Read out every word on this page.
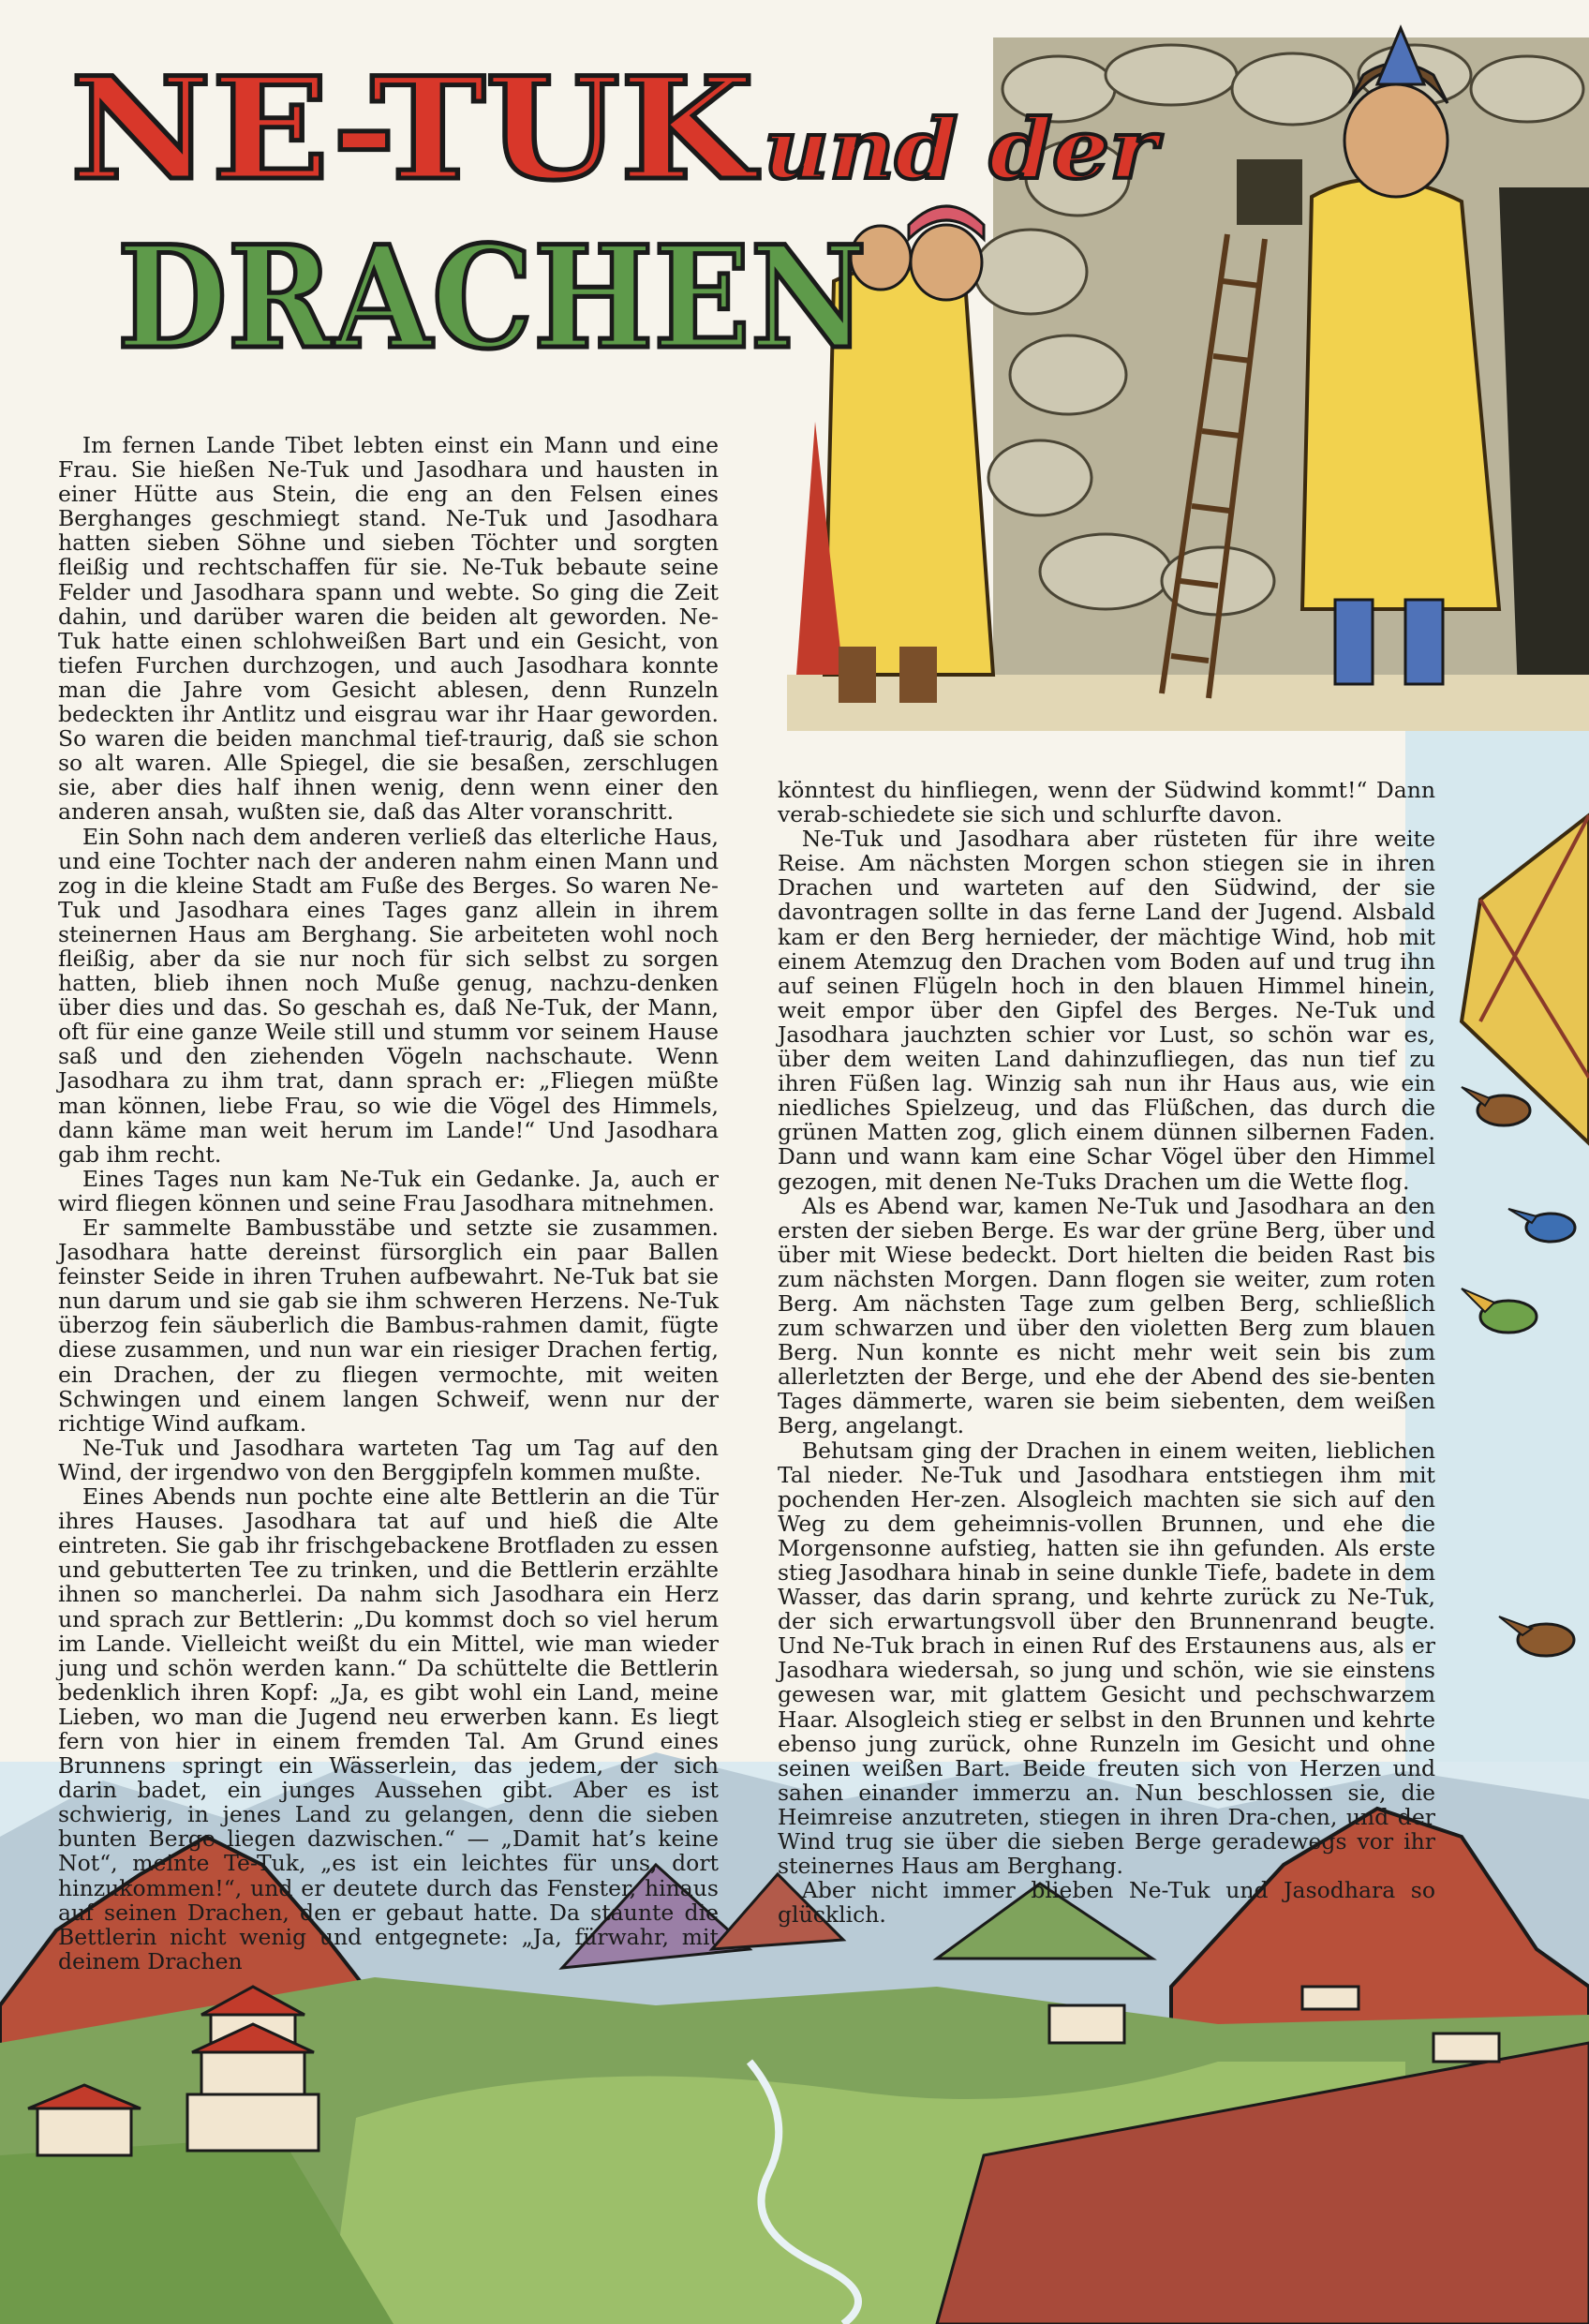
NE-TUK und der
DRACHEN

Im fernen Lande Tibet lebten einst ein Mann und eine Frau. Sie hießen Ne-Tuk und Jasodhara und hausten in einer Hütte aus Stein, die eng an den Felsen eines Berghanges geschmiegt stand. Ne-Tuk und Jasodhara hatten sieben Söhne und sieben Töchter und sorgten fleißig und rechtschaffen für sie. Ne-Tuk bebaute seine Felder und Jasodhara spann und webte. So ging die Zeit dahin, und darüber waren die beiden alt geworden. Ne-Tuk hatte einen schlohweißen Bart und ein Gesicht, von tiefen Furchen durchzogen, und auch Jasodhara konnte man die Jahre vom Gesicht ablesen, denn Runzeln bedeckten ihr Antlitz und eisgrau war ihr Haar geworden. So waren die beiden manchmal tief-traurig, daß sie schon so alt waren. Alle Spiegel, die sie besaßen, zerschlugen sie, aber dies half ihnen wenig, denn wenn einer den anderen ansah, wußten sie, daß das Alter voranschritt.

Ein Sohn nach dem anderen verließ das elterliche Haus, und eine Tochter nach der anderen nahm einen Mann und zog in die kleine Stadt am Fuße des Berges. So waren Ne-Tuk und Jasodhara eines Tages ganz allein in ihrem steinernen Haus am Berghang. Sie arbeiteten wohl noch fleißig, aber da sie nur noch für sich selbst zu sorgen hatten, blieb ihnen noch Muße genug, nachzu-denken über dies und das. So geschah es, daß Ne-Tuk, der Mann, oft für eine ganze Weile still und stumm vor seinem Hause saß und den ziehenden Vögeln nachschaute. Wenn Jasodhara zu ihm trat, dann sprach er: „Fliegen müßte man können, liebe Frau, so wie die Vögel des Himmels, dann käme man weit herum im Lande!“ Und Jasodhara gab ihm recht.

Eines Tages nun kam Ne-Tuk ein Gedanke. Ja, auch er wird fliegen können und seine Frau Jasodhara mitnehmen.

Er sammelte Bambusstäbe und setzte sie zusammen. Jasodhara hatte dereinst fürsorglich ein paar Ballen feinster Seide in ihren Truhen aufbewahrt. Ne-Tuk bat sie nun darum und sie gab sie ihm schweren Herzens. Ne-Tuk überzog fein säuberlich die Bambus-rahmen damit, fügte diese zusammen, und nun war ein riesiger Drachen fertig, ein Drachen, der zu fliegen vermochte, mit weiten Schwingen und einem langen Schweif, wenn nur der richtige Wind aufkam.

Ne-Tuk und Jasodhara warteten Tag um Tag auf den Wind, der irgendwo von den Berggipfeln kommen mußte.

Eines Abends nun pochte eine alte Bettlerin an die Tür ihres Hauses. Jasodhara tat auf und hieß die Alte eintreten. Sie gab ihr frischgebackene Brotfladen zu essen und gebutterten Tee zu trinken, und die Bettlerin erzählte ihnen so mancherlei. Da nahm sich Jasodhara ein Herz und sprach zur Bettlerin: „Du kommst doch so viel herum im Lande. Vielleicht weißt du ein Mittel, wie man wieder jung und schön werden kann.“ Da schüttelte die Bettlerin bedenklich ihren Kopf: „Ja, es gibt wohl ein Land, meine Lieben, wo man die Jugend neu erwerben kann. Es liegt fern von hier in einem fremden Tal. Am Grund eines Brunnens springt ein Wässerlein, das jedem, der sich darin badet, ein junges Aussehen gibt. Aber es ist schwierig, in jenes Land zu gelangen, denn die sieben bunten Berge liegen dazwischen.“ — „Damit hat’s keine Not“, meinte Te-Tuk, „es ist ein leichtes für uns, dort hinzukommen!“, und er deutete durch das Fenster, hinaus auf seinen Drachen, den er gebaut hatte. Da staunte die Bettlerin nicht wenig und entgegnete: „Ja, fürwahr, mit deinem Drachen

könntest du hinfliegen, wenn der Südwind kommt!“ Dann verab-schiedete sie sich und schlurfte davon.

Ne-Tuk und Jasodhara aber rüsteten für ihre weite Reise. Am nächsten Morgen schon stiegen sie in ihren Drachen und warteten auf den Südwind, der sie davontragen sollte in das ferne Land der Jugend. Alsbald kam er den Berg hernieder, der mächtige Wind, hob mit einem Atemzug den Drachen vom Boden auf und trug ihn auf seinen Flügeln hoch in den blauen Himmel hinein, weit empor über den Gipfel des Berges. Ne-Tuk und Jasodhara jauchzten schier vor Lust, so schön war es, über dem weiten Land dahinzufliegen, das nun tief zu ihren Füßen lag. Winzig sah nun ihr Haus aus, wie ein niedliches Spielzeug, und das Flüßchen, das durch die grünen Matten zog, glich einem dünnen silbernen Faden. Dann und wann kam eine Schar Vögel über den Himmel gezogen, mit denen Ne-Tuks Drachen um die Wette flog.

Als es Abend war, kamen Ne-Tuk und Jasodhara an den ersten der sieben Berge. Es war der grüne Berg, über und über mit Wiese bedeckt. Dort hielten die beiden Rast bis zum nächsten Morgen. Dann flogen sie weiter, zum roten Berg. Am nächsten Tage zum gelben Berg, schließlich zum schwarzen und über den violetten Berg zum blauen Berg. Nun konnte es nicht mehr weit sein bis zum allerletzten der Berge, und ehe der Abend des sie-benten Tages dämmerte, waren sie beim siebenten, dem weißen Berg, angelangt.

Behutsam ging der Drachen in einem weiten, lieblichen Tal nieder. Ne-Tuk und Jasodhara entstiegen ihm mit pochenden Her-zen. Alsogleich machten sie sich auf den Weg zu dem geheimnis-vollen Brunnen, und ehe die Morgensonne aufstieg, hatten sie ihn gefunden. Als erste stieg Jasodhara hinab in seine dunkle Tiefe, badete in dem Wasser, das darin sprang, und kehrte zurück zu Ne-Tuk, der sich erwartungsvoll über den Brunnenrand beugte. Und Ne-Tuk brach in einen Ruf des Erstaunens aus, als er Jasodhara wiedersah, so jung und schön, wie sie einstens gewesen war, mit glattem Gesicht und pechschwarzem Haar. Alsogleich stieg er selbst in den Brunnen und kehrte ebenso jung zurück, ohne Runzeln im Gesicht und ohne seinen weißen Bart. Beide freuten sich von Herzen und sahen einander immerzu an. Nun beschlossen sie, die Heimreise anzutreten, stiegen in ihren Dra-chen, und der Wind trug sie über die sieben Berge geradewegs vor ihr steinernes Haus am Berghang.

Aber nicht immer blieben Ne-Tuk und Jasodhara so glücklich.
